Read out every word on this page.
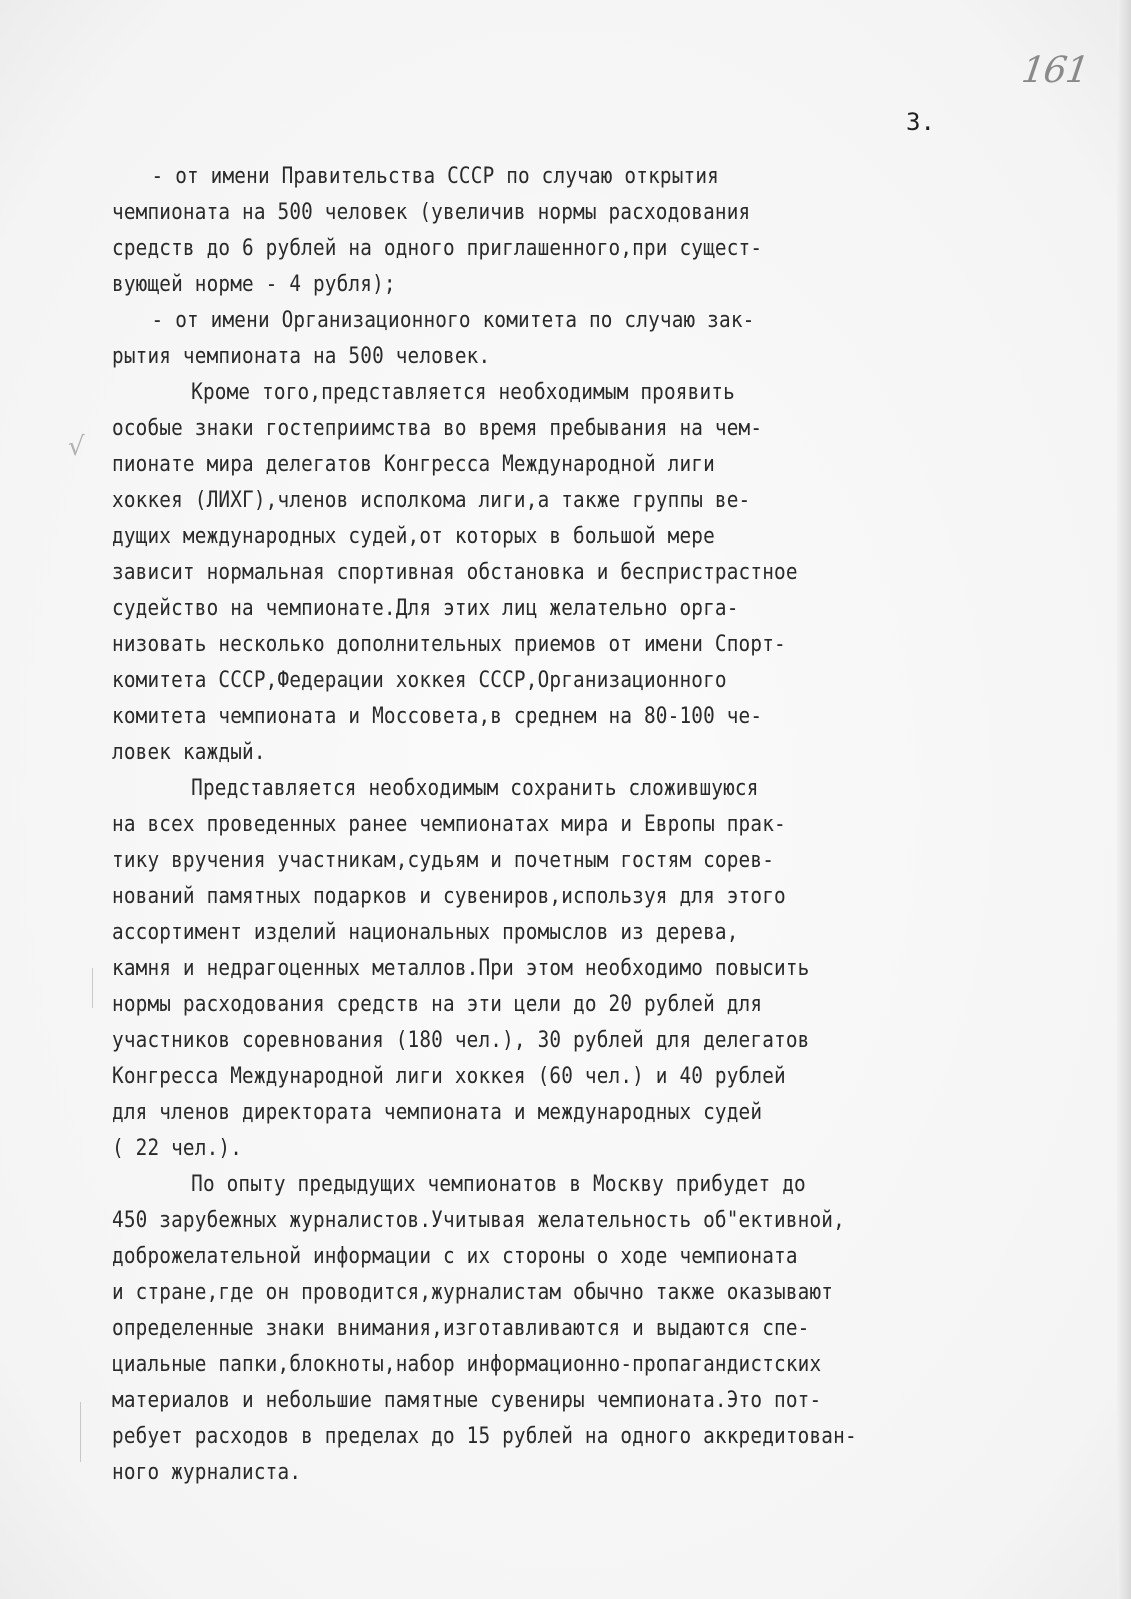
161
3.
√
- от имени Правительства СССР по случаю открытия
чемпионата на 500 человек (увеличив нормы расходования
средств до 6 рублей на одного приглашенного,при сущест-
вующей норме - 4 рубля);
- от имени Организационного комитета по случаю зак-
рытия чемпионата на 500 человек.
Кроме того,представляется необходимым проявить
особые знаки гостеприимства во время пребывания на чем-
пионате мира делегатов Конгресса Международной лиги
хоккея (ЛИХГ),членов исполкома лиги,а также группы ве-
дущих международных судей,от которых в большой мере
зависит нормальная спортивная обстановка и беспристрастное
судейство на чемпионате.Для этих лиц желательно орга-
низовать несколько дополнительных приемов от имени Спорт-
комитета СССР,Федерации хоккея СССР,Организационного
комитета чемпионата и Моссовета,в среднем на 80-100 че-
ловек каждый.
Представляется необходимым сохранить сложившуюся
на всех проведенных ранее чемпионатах мира и Европы прак-
тику вручения участникам,судьям и почетным гостям сорев-
нований памятных подарков и сувениров,используя для этого
ассортимент изделий национальных промыслов из дерева,
камня и недрагоценных металлов.При этом необходимо повысить
нормы расходования средств на эти цели до 20 рублей для
участников соревнования (180 чел.), 30 рублей для делегатов
Конгресса Международной лиги хоккея (60 чел.) и 40 рублей
для членов директората чемпионата и международных судей
( 22 чел.).
По опыту предыдущих чемпионатов в Москву прибудет до
450 зарубежных журналистов.Учитывая желательность об"ективной,
доброжелательной информации с их стороны о ходе чемпионата
и стране,где он проводится,журналистам обычно также оказывают
определенные знаки внимания,изготавливаются и выдаются спе-
циальные папки,блокноты,набор информационно-пропагандистских
материалов и небольшие памятные сувениры чемпионата.Это пот-
ребует расходов в пределах до 15 рублей на одного аккредитован-
ного журналиста.
